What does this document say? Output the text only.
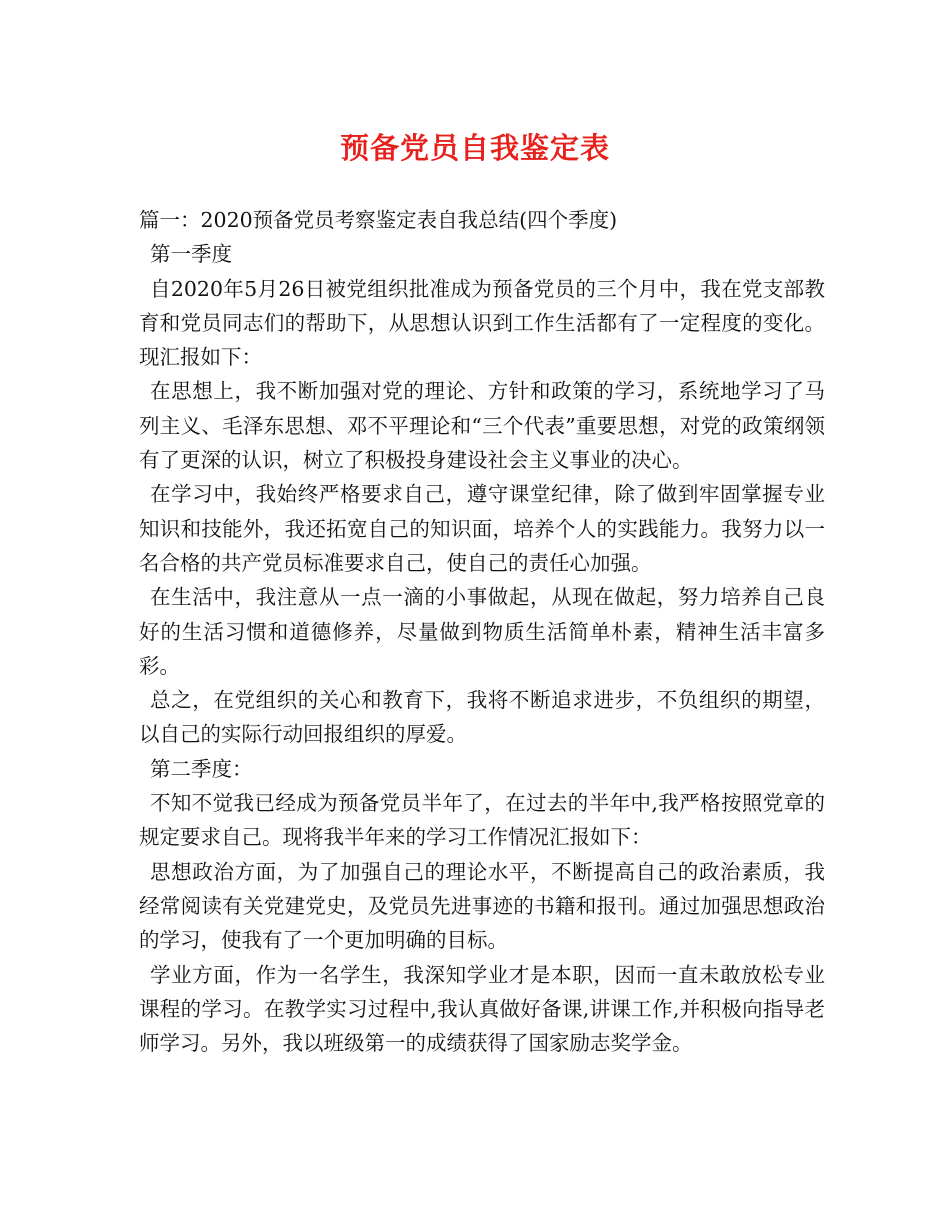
预备党员自我鉴定表

篇一：2020预备党员考察鉴定表自我总结(四个季度)

第一季度

自2020年5月26日被党组织批准成为预备党员的三个月中，我在党支部教育和党员同志们的帮助下，从思想认识到工作生活都有了一定程度的变化。现汇报如下：

在思想上，我不断加强对党的理论、方针和政策的学习，系统地学习了马列主义、毛泽东思想、邓不平理论和“三个代表”重要思想，对党的政策纲领有了更深的认识，树立了积极投身建设社会主义事业的决心。

在学习中，我始终严格要求自己，遵守课堂纪律，除了做到牢固掌握专业知识和技能外，我还拓宽自己的知识面，培养个人的实践能力。我努力以一名合格的共产党员标准要求自己，使自己的责任心加强。

在生活中，我注意从一点一滴的小事做起，从现在做起，努力培养自己良好的生活习惯和道德修养，尽量做到物质生活简单朴素，精神生活丰富多彩。

总之，在党组织的关心和教育下，我将不断追求进步，不负组织的期望，以自己的实际行动回报组织的厚爱。

第二季度：

不知不觉我已经成为预备党员半年了，在过去的半年中,我严格按照党章的规定要求自己。现将我半年来的学习工作情况汇报如下：

思想政治方面，为了加强自己的理论水平，不断提高自己的政治素质，我经常阅读有关党建党史，及党员先进事迹的书籍和报刊。通过加强思想政治的学习，使我有了一个更加明确的目标。

学业方面，作为一名学生，我深知学业才是本职，因而一直未敢放松专业课程的学习。在教学实习过程中,我认真做好备课,讲课工作,并积极向指导老师学习。另外，我以班级第一的成绩获得了国家励志奖学金。
